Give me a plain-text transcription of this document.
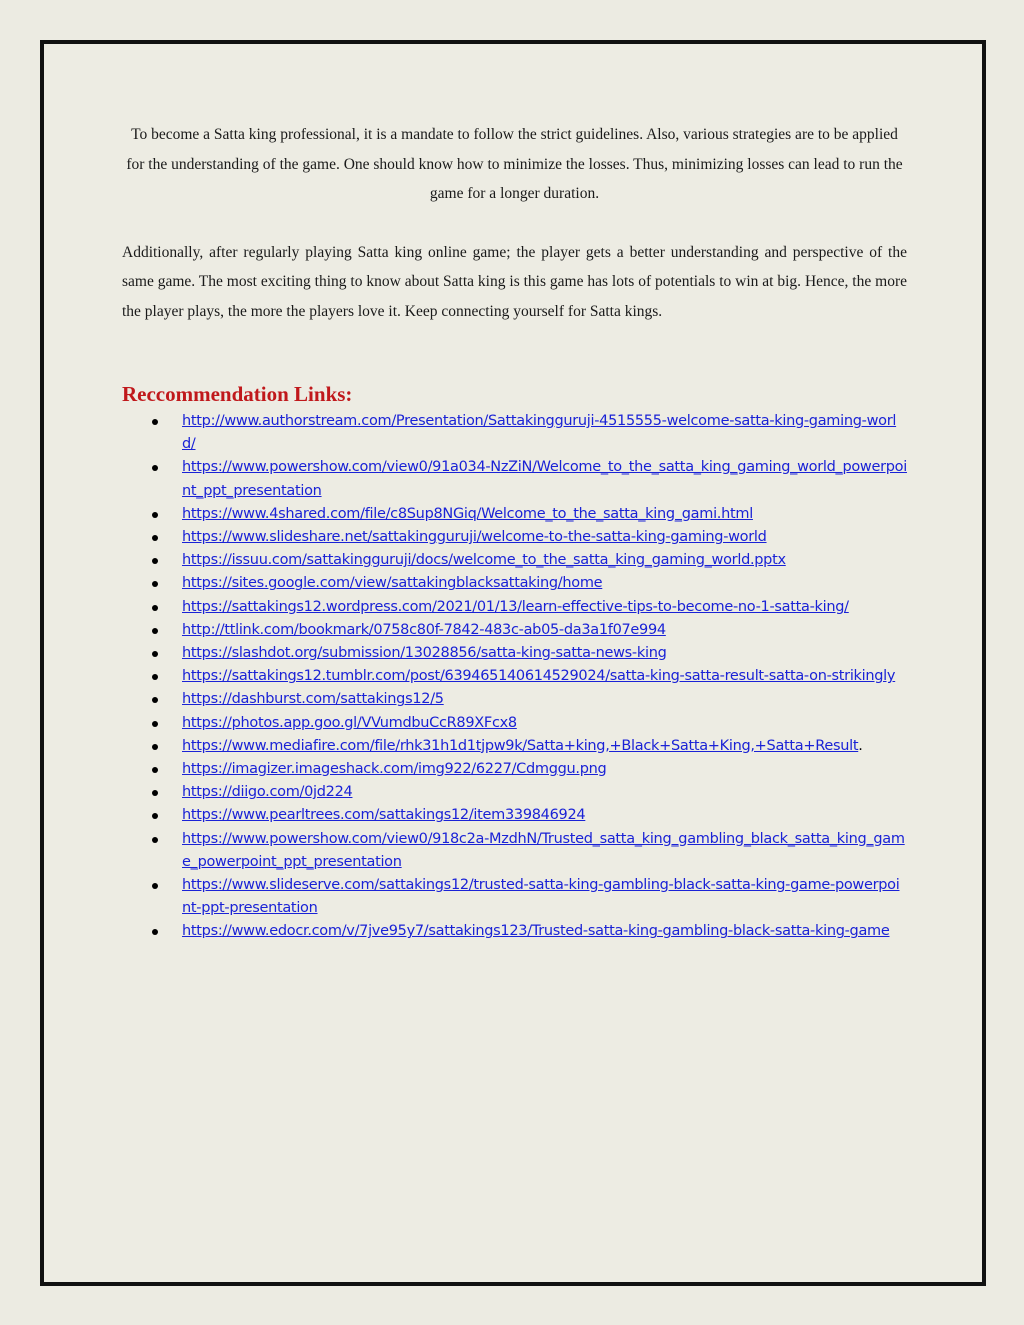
To become a Satta king professional, it is a mandate to follow the strict guidelines. Also, various strategies are to be applied for the understanding of the game. One should know how to minimize the losses. Thus, minimizing losses can lead to run the game for a longer duration.

Additionally, after regularly playing Satta king online game; the player gets a better understanding and perspective of the same game. The most exciting thing to know about Satta king is this game has lots of potentials to win at big. Hence, the more the player plays, the more the players love it. Keep connecting yourself for Satta kings.

Reccommendation Links:
http://www.authorstream.com/Presentation/Sattakingguruji-4515555-welcome-satta-king-gaming-world/
https://www.powershow.com/view0/91a034-NzZiN/Welcome_to_the_satta_king_gaming_world_powerpoint_ppt_presentation
https://www.4shared.com/file/c8Sup8NGiq/Welcome_to_the_satta_king_gami.html
https://www.slideshare.net/sattakingguruji/welcome-to-the-satta-king-gaming-world
https://issuu.com/sattakingguruji/docs/welcome_to_the_satta_king_gaming_world.pptx
https://sites.google.com/view/sattakingblacksattaking/home
https://sattakings12.wordpress.com/2021/01/13/learn-effective-tips-to-become-no-1-satta-king/
http://ttlink.com/bookmark/0758c80f-7842-483c-ab05-da3a1f07e994
https://slashdot.org/submission/13028856/satta-king-satta-news-king
https://sattakings12.tumblr.com/post/639465140614529024/satta-king-satta-result-satta-on-strikingly
https://dashburst.com/sattakings12/5
https://photos.app.goo.gl/VVumdbuCcR89XFcx8
https://www.mediafire.com/file/rhk31h1d1tjpw9k/Satta+king,+Black+Satta+King,+Satta+Result.
https://imagizer.imageshack.com/img922/6227/Cdmggu.png
https://diigo.com/0jd224
https://www.pearltrees.com/sattakings12/item339846924
https://www.powershow.com/view0/918c2a-MzdhN/Trusted_satta_king_gambling_black_satta_king_game_powerpoint_ppt_presentation
https://www.slideserve.com/sattakings12/trusted-satta-king-gambling-black-satta-king-game-powerpoint-ppt-presentation
https://www.edocr.com/v/7jve95y7/sattakings123/Trusted-satta-king-gambling-black-satta-king-game
